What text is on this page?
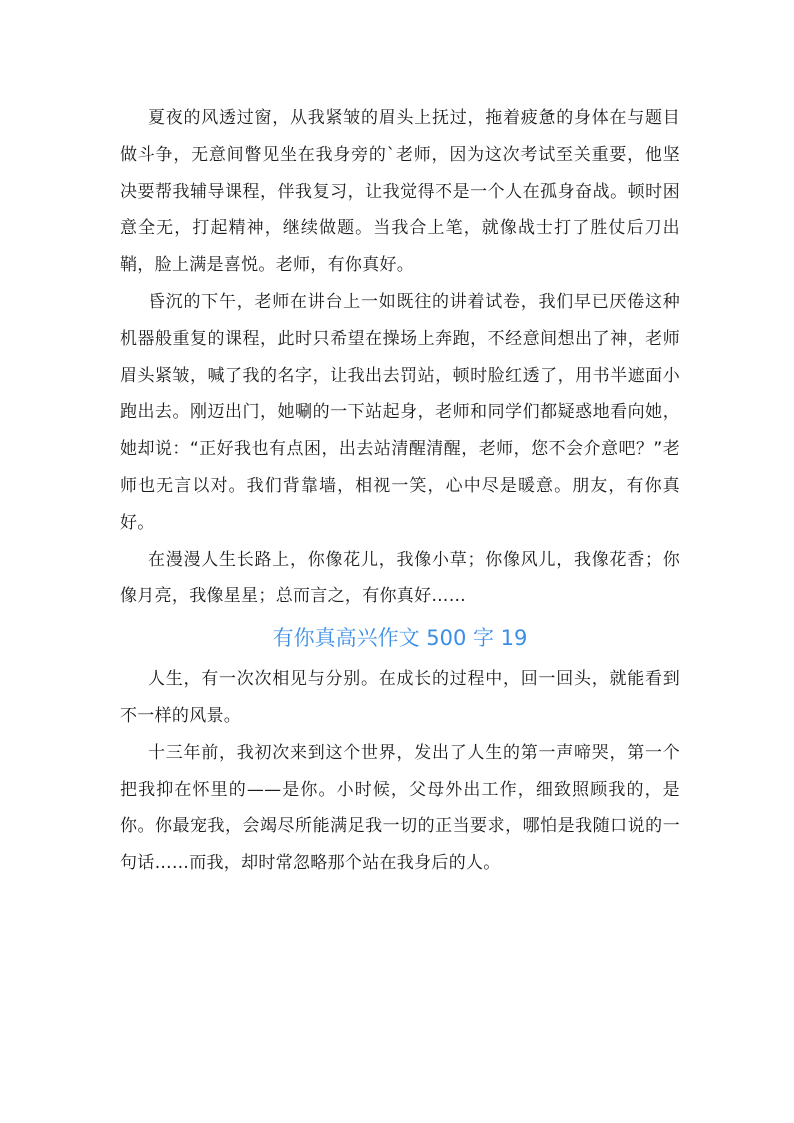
夏夜的风透过窗，从我紧皱的眉头上抚过，拖着疲惫的身体在与题目做斗争，无意间瞥见坐在我身旁的`老师，因为这次考试至关重要，他坚决要帮我辅导课程，伴我复习，让我觉得不是一个人在孤身奋战。顿时困意全无，打起精神，继续做题。当我合上笔，就像战士打了胜仗后刀出鞘，脸上满是喜悦。老师，有你真好。

昏沉的下午，老师在讲台上一如既往的讲着试卷，我们早已厌倦这种机器般重复的课程，此时只希望在操场上奔跑，不经意间想出了神，老师眉头紧皱，喊了我的名字，让我出去罚站，顿时脸红透了，用书半遮面小跑出去。刚迈出门，她唰的一下站起身，老师和同学们都疑惑地看向她，她却说：“正好我也有点困，出去站清醒清醒，老师，您不会介意吧？”老师也无言以对。我们背靠墙，相视一笑，心中尽是暖意。朋友，有你真好。

在漫漫人生长路上，你像花儿，我像小草；你像风儿，我像花香；你像月亮，我像星星；总而言之，有你真好……

有你真高兴作文 500 字 19

人生，有一次次相见与分别。在成长的过程中，回一回头，就能看到不一样的风景。

十三年前，我初次来到这个世界，发出了人生的第一声啼哭，第一个把我抑在怀里的——是你。小时候，父母外出工作，细致照顾我的，是你。你最宠我，会竭尽所能满足我一切的正当要求，哪怕是我随口说的一句话……而我，却时常忽略那个站在我身后的人。
